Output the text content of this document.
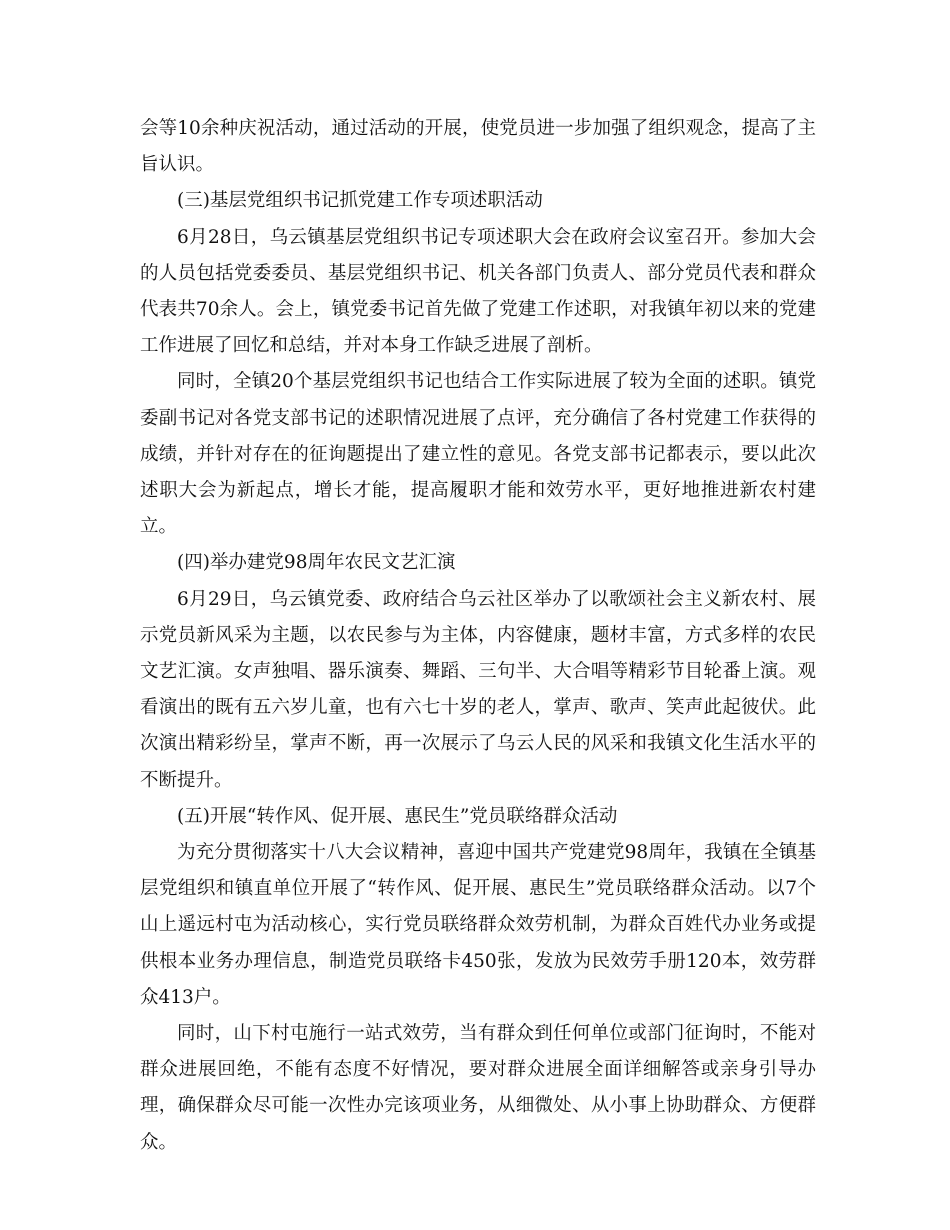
会等10余种庆祝活动，通过活动的开展，使党员进一步加强了组织观念，提高了主旨认识。

(三)基层党组织书记抓党建工作专项述职活动

6月28日，乌云镇基层党组织书记专项述职大会在政府会议室召开。参加大会的人员包括党委委员、基层党组织书记、机关各部门负责人、部分党员代表和群众代表共70余人。会上，镇党委书记首先做了党建工作述职，对我镇年初以来的党建工作进展了回忆和总结，并对本身工作缺乏进展了剖析。

同时，全镇20个基层党组织书记也结合工作实际进展了较为全面的述职。镇党委副书记对各党支部书记的述职情况进展了点评，充分确信了各村党建工作获得的成绩，并针对存在的征询题提出了建立性的意见。各党支部书记都表示，要以此次述职大会为新起点，增长才能，提高履职才能和效劳水平，更好地推进新农村建立。

(四)举办建党98周年农民文艺汇演

6月29日，乌云镇党委、政府结合乌云社区举办了以歌颂社会主义新农村、展示党员新风采为主题，以农民参与为主体，内容健康，题材丰富，方式多样的农民文艺汇演。女声独唱、器乐演奏、舞蹈、三句半、大合唱等精彩节目轮番上演。观看演出的既有五六岁儿童，也有六七十岁的老人，掌声、歌声、笑声此起彼伏。此次演出精彩纷呈，掌声不断，再一次展示了乌云人民的风采和我镇文化生活水平的不断提升。

(五)开展“转作风、促开展、惠民生”党员联络群众活动

为充分贯彻落实十八大会议精神，喜迎中国共产党建党98周年，我镇在全镇基层党组织和镇直单位开展了“转作风、促开展、惠民生”党员联络群众活动。以7个山上遥远村屯为活动核心，实行党员联络群众效劳机制，为群众百姓代办业务或提供根本业务办理信息，制造党员联络卡450张，发放为民效劳手册120本，效劳群众413户。

同时，山下村屯施行一站式效劳，当有群众到任何单位或部门征询时，不能对群众进展回绝，不能有态度不好情况，要对群众进展全面详细解答或亲身引导办理，确保群众尽可能一次性办完该项业务，从细微处、从小事上协助群众、方便群众。
